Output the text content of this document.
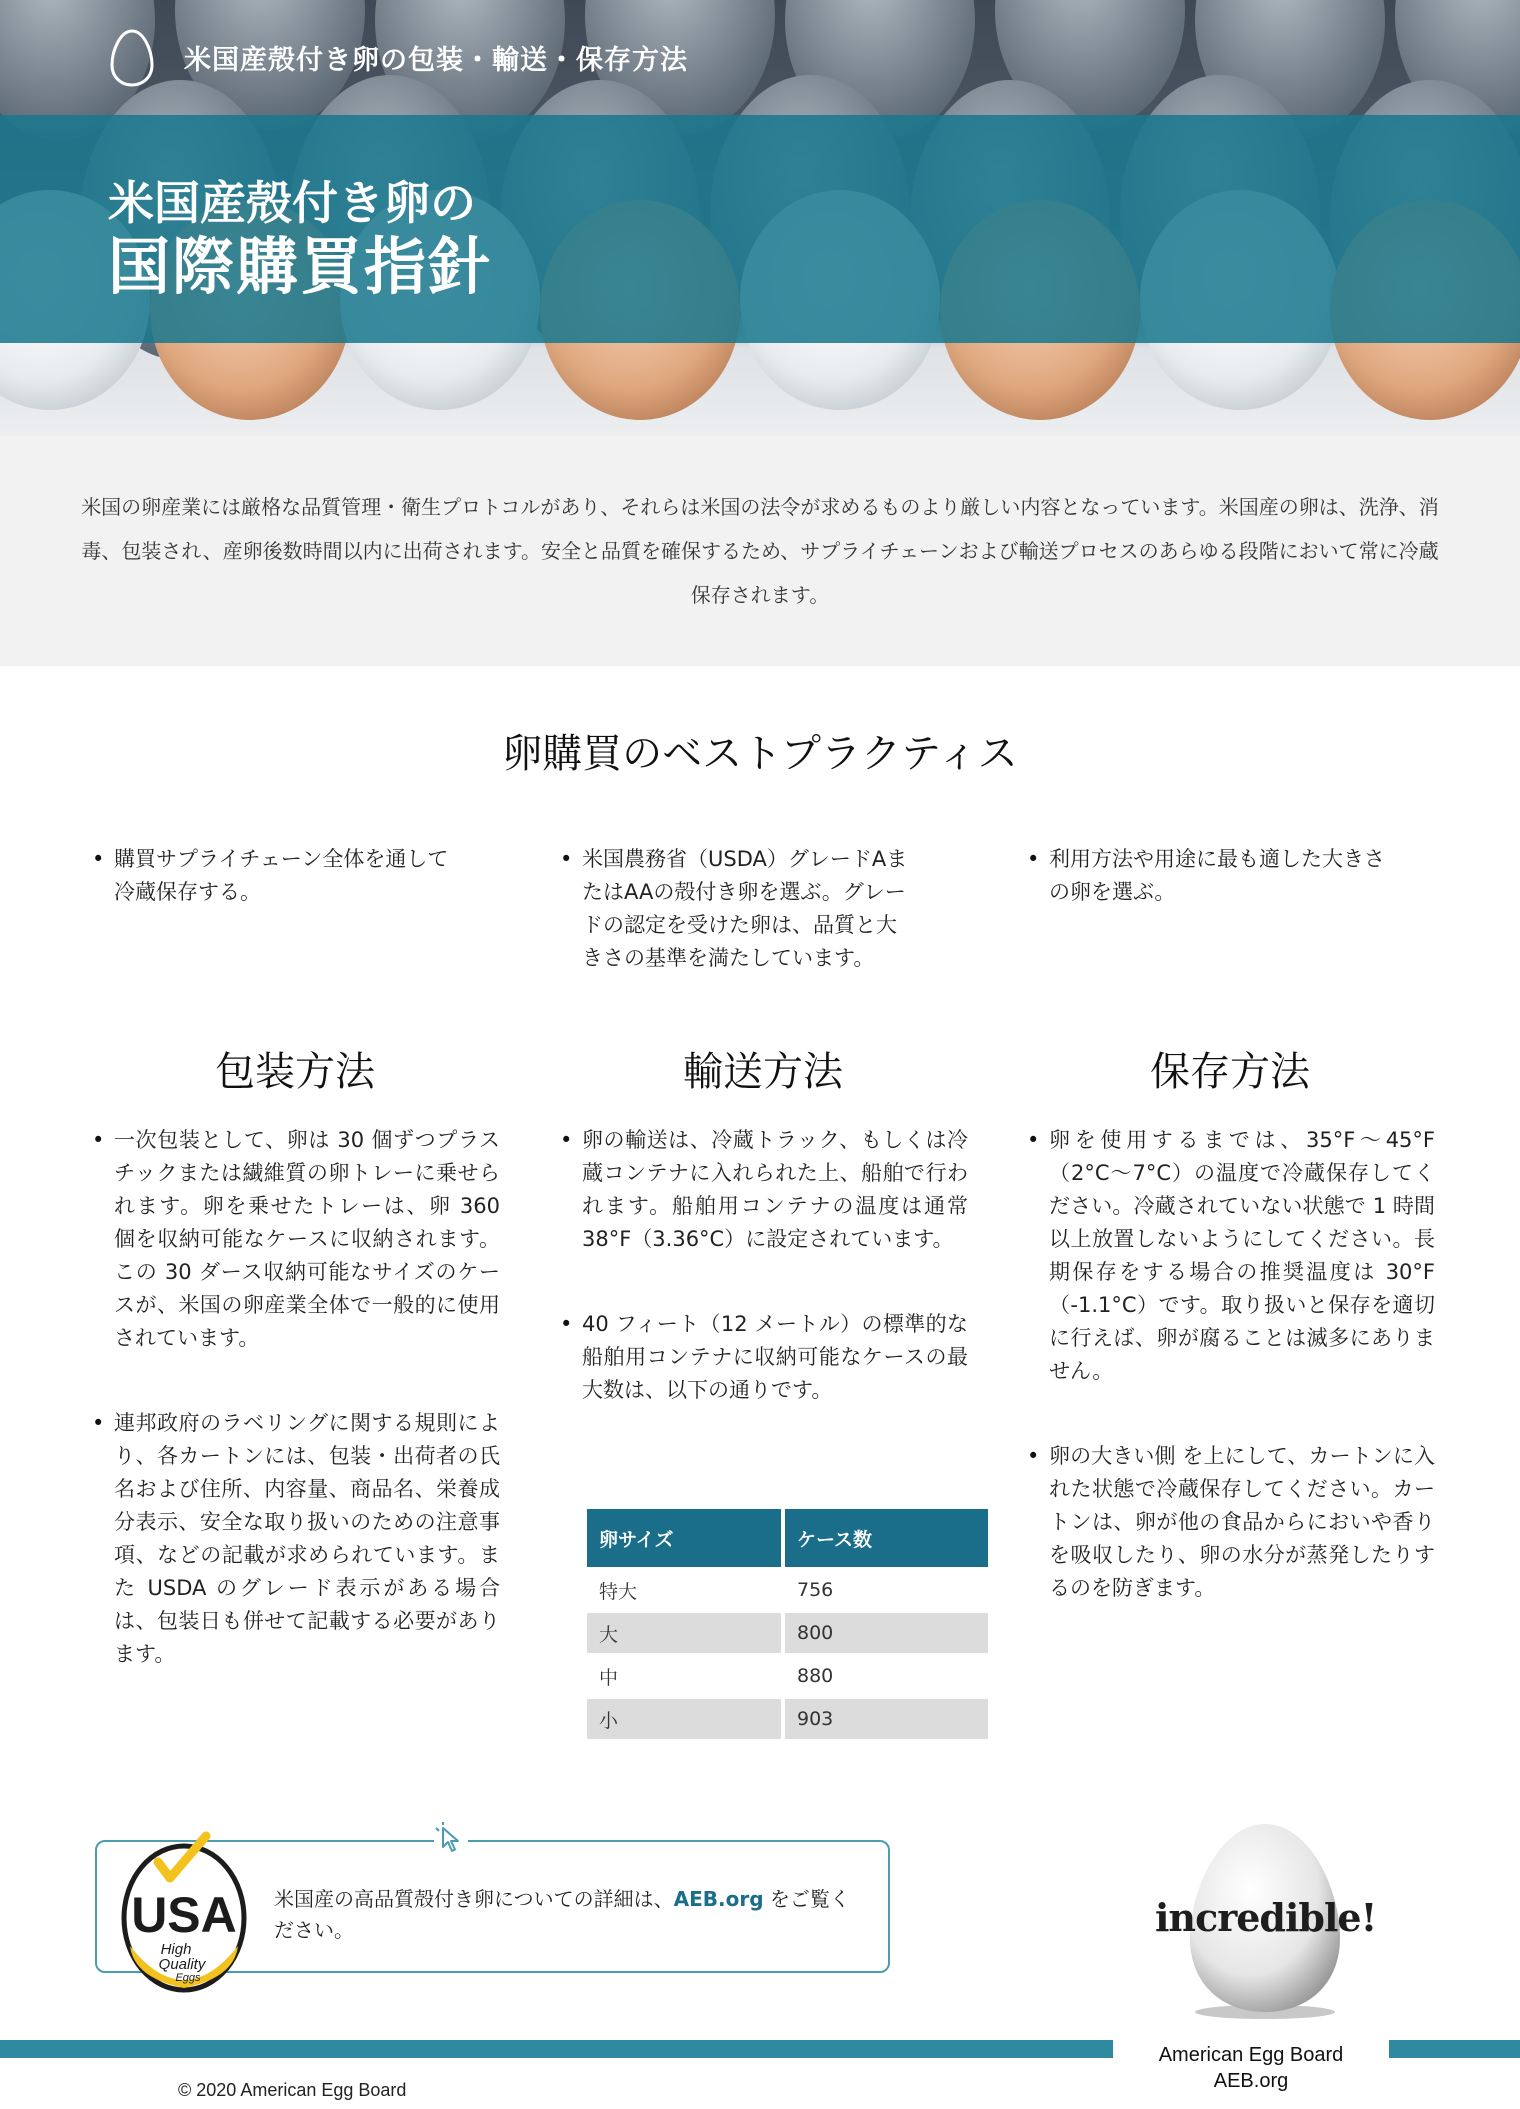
米国産殻付き卵の包装・輸送・保存方法
米国産殻付き卵の
国際購買指針

米国の卵産業には厳格な品質管理・衛生プロトコルがあり、それらは米国の法令が求めるものより厳しい内容となっています。米国産の卵は、洗浄、消毒、包装され、産卵後数時間以内に出荷されます。安全と品質を確保するため、サプライチェーンおよび輸送プロセスのあらゆる段階において常に冷蔵保存されます。

卵購買のベストプラクティス
• 購買サプライチェーン全体を通して冷蔵保存する。
• 米国農務省（USDA）グレードAまたはAAの殻付き卵を選ぶ。グレードの認定を受けた卵は、品質と大きさの基準を満たしています。
• 利用方法や用途に最も適した大きさの卵を選ぶ。
包装方法	輸送方法	保存方法
• 一次包装として、卵は 30 個ずつプラスチックまたは繊維質の卵トレーに乗せられます。卵を乗せたトレーは、卵 360 個を収納可能なケースに収納されます。この 30 ダース収納可能なサイズのケースが、米国の卵産業全体で一般的に使用されています。
• 連邦政府のラベリングに関する規則により、各カートンには、包装・出荷者の氏名および住所、内容量、商品名、栄養成分表示、安全な取り扱いのための注意事項、などの記載が求められています。また USDA のグレード表示がある場合は、包装日も併せて記載する必要があります。
• 卵の輸送は、冷蔵トラック、もしくは冷蔵コンテナに入れられた上、船舶で行われます。船舶用コンテナの温度は通常 38°F（3.36°C）に設定されています。
• 40 フィート（12 メートル）の標準的な船舶用コンテナに収納可能なケースの最大数は、以下の通りです。
卵サイズ	ケース数
特大	756
大	800
中	880
小	903
• 卵を使用するまでは、35°F～45°F（2°C～7°C）の温度で冷蔵保存してください。冷蔵されていない状態で 1 時間以上放置しないようにしてください。長期保存をする場合の推奨温度は 30°F（-1.1°C）です。取り扱いと保存を適切に行えば、卵が腐ることは滅多にありません。
• 卵の大きい側 を上にして、カートンに入れた状態で冷蔵保存してください。カートンは、卵が他の食品からにおいや香りを吸収したり、卵の水分が蒸発したりするのを防ぎます。
米国産の高品質殻付き卵についての詳細は、AEB.org をご覧ください。
USA
High
Quality
Eggs
incredible!
American Egg Board
AEB.org
© 2020 American Egg Board
